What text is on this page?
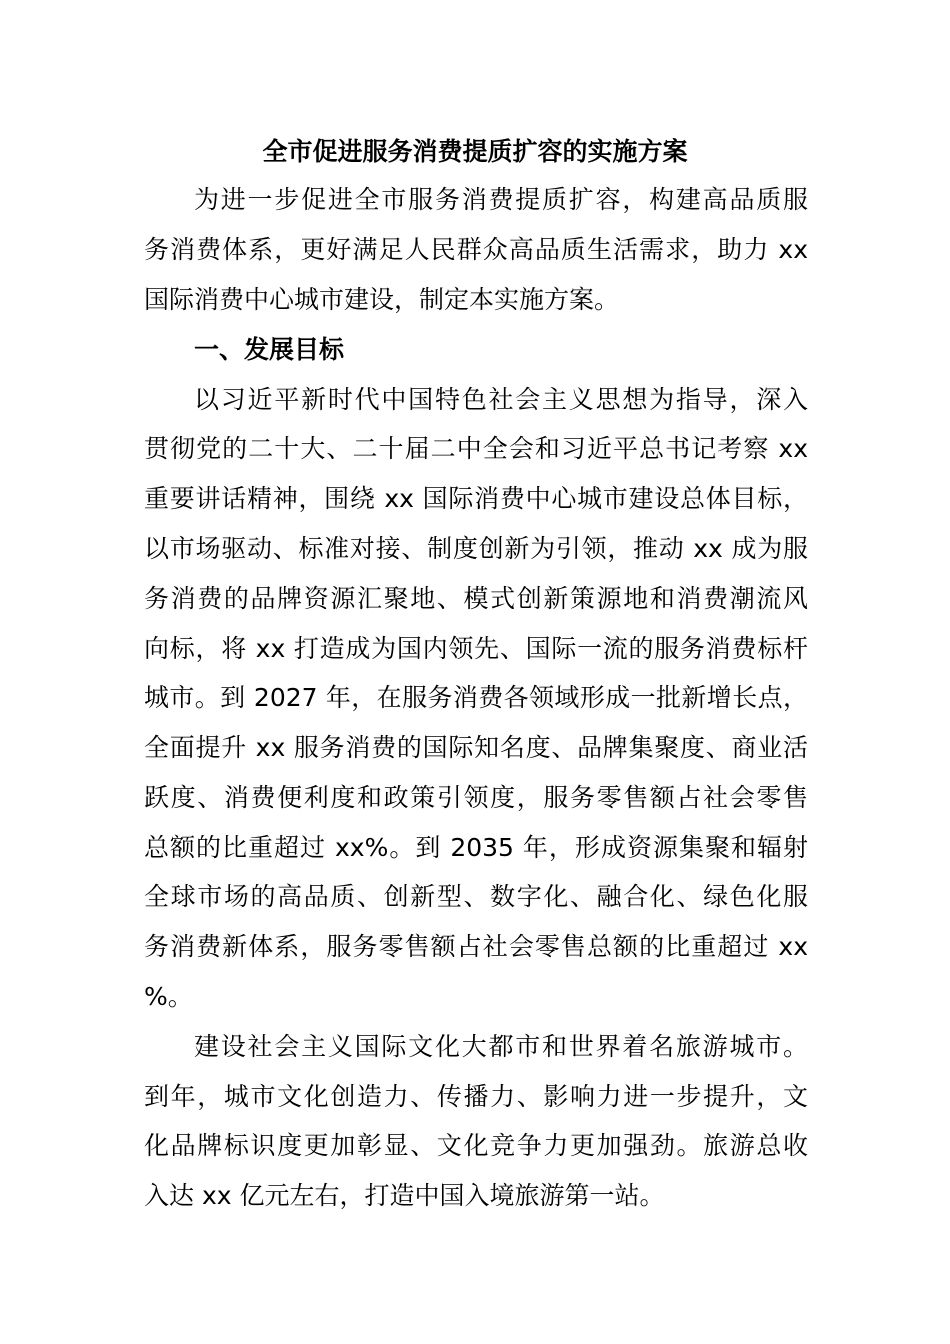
全市促进服务消费提质扩容的实施方案
为进一步促进全市服务消费提质扩容，构建高品质服
务消费体系，更好满足人民群众高品质生活需求，助力 xx
国际消费中心城市建设，制定本实施方案。
一、发展目标
以习近平新时代中国特色社会主义思想为指导，深入
贯彻党的二十大、二十届二中全会和习近平总书记考察 xx
重要讲话精神，围绕 xx 国际消费中心城市建设总体目标，
以市场驱动、标准对接、制度创新为引领，推动 xx 成为服
务消费的品牌资源汇聚地、模式创新策源地和消费潮流风
向标，将 xx 打造成为国内领先、国际一流的服务消费标杆
城市。到 2027 年，在服务消费各领域形成一批新增长点，
全面提升 xx 服务消费的国际知名度、品牌集聚度、商业活
跃度、消费便利度和政策引领度，服务零售额占社会零售
总额的比重超过 xx%。到 2035 年，形成资源集聚和辐射
全球市场的高品质、创新型、数字化、融合化、绿色化服
务消费新体系，服务零售额占社会零售总额的比重超过 xx
%。
建设社会主义国际文化大都市和世界着名旅游城市。
到年，城市文化创造力、传播力、影响力进一步提升，文
化品牌标识度更加彰显、文化竞争力更加强劲。旅游总收
入达 xx 亿元左右，打造中国入境旅游第一站。
